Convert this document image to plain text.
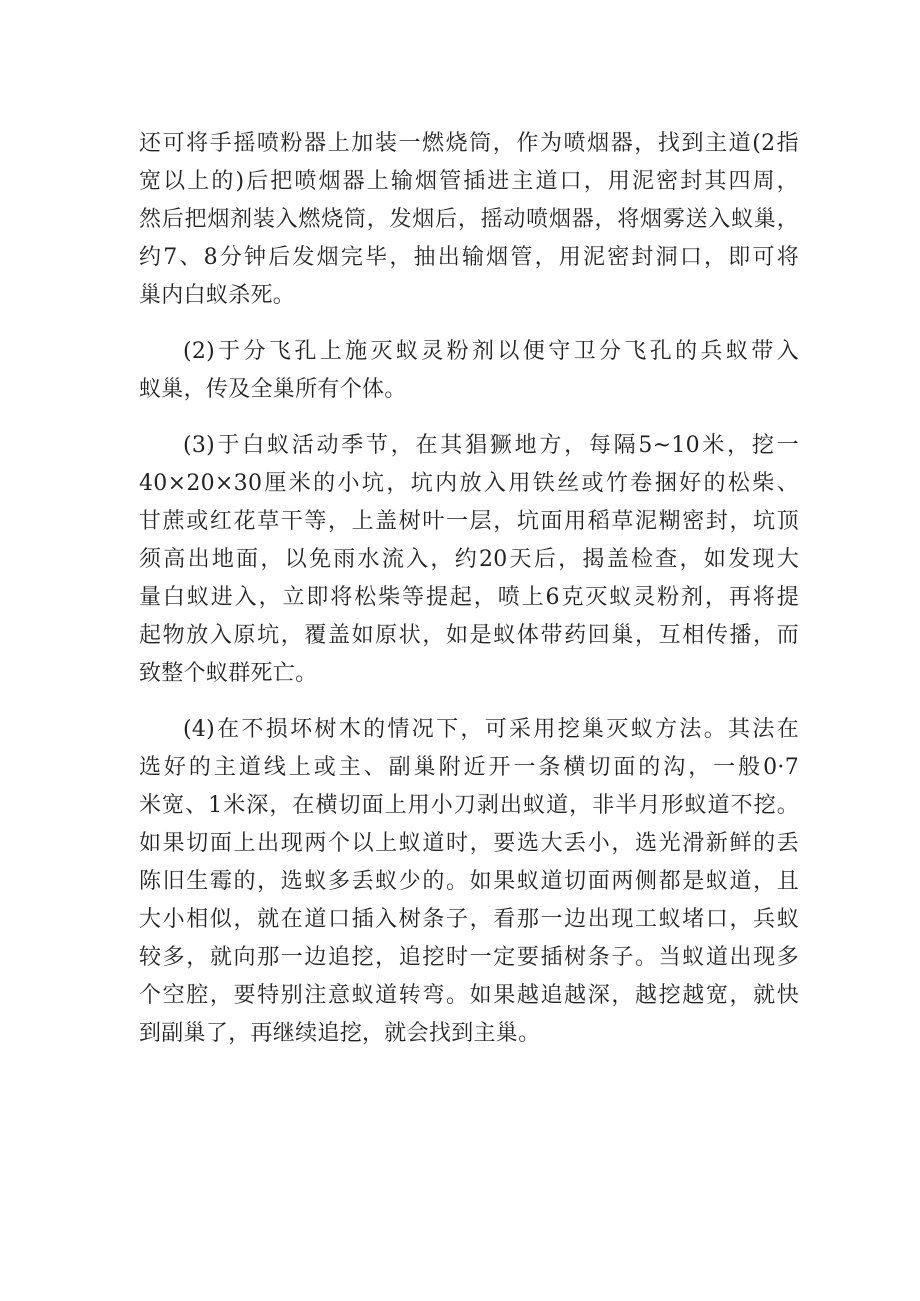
还可将手摇喷粉器上加装一燃烧筒，作为喷烟器，找到主道(2指
宽以上的)后把喷烟器上输烟管插进主道口，用泥密封其四周，
然后把烟剂装入燃烧筒，发烟后，摇动喷烟器，将烟雾送入蚁巢，
约7、8分钟后发烟完毕，抽出输烟管，用泥密封洞口，即可将
巢内白蚁杀死。

(2)于分飞孔上施灭蚁灵粉剂以便守卫分飞孔的兵蚁带入
蚁巢，传及全巢所有个体。

(3)于白蚁活动季节，在其猖獗地方，每隔5~10米，挖一
40×20×30厘米的小坑，坑内放入用铁丝或竹卷捆好的松柴、
甘蔗或红花草干等，上盖树叶一层，坑面用稻草泥糊密封，坑顶
须高出地面，以免雨水流入，约20天后，揭盖检查，如发现大
量白蚁进入，立即将松柴等提起，喷上6克灭蚁灵粉剂，再将提
起物放入原坑，覆盖如原状，如是蚁体带药回巢，互相传播，而
致整个蚁群死亡。

(4)在不损坏树木的情况下，可采用挖巢灭蚁方法。其法在
选好的主道线上或主、副巢附近开一条横切面的沟，一般0·7
米宽、1米深，在横切面上用小刀剥出蚁道，非半月形蚁道不挖。
如果切面上出现两个以上蚁道时，要选大丢小，选光滑新鲜的丢
陈旧生霉的，选蚁多丢蚁少的。如果蚁道切面两侧都是蚁道，且
大小相似，就在道口插入树条子，看那一边出现工蚁堵口，兵蚁
较多，就向那一边追挖，追挖时一定要插树条子。当蚁道出现多
个空腔，要特别注意蚁道转弯。如果越追越深，越挖越宽，就快
到副巢了，再继续追挖，就会找到主巢。
